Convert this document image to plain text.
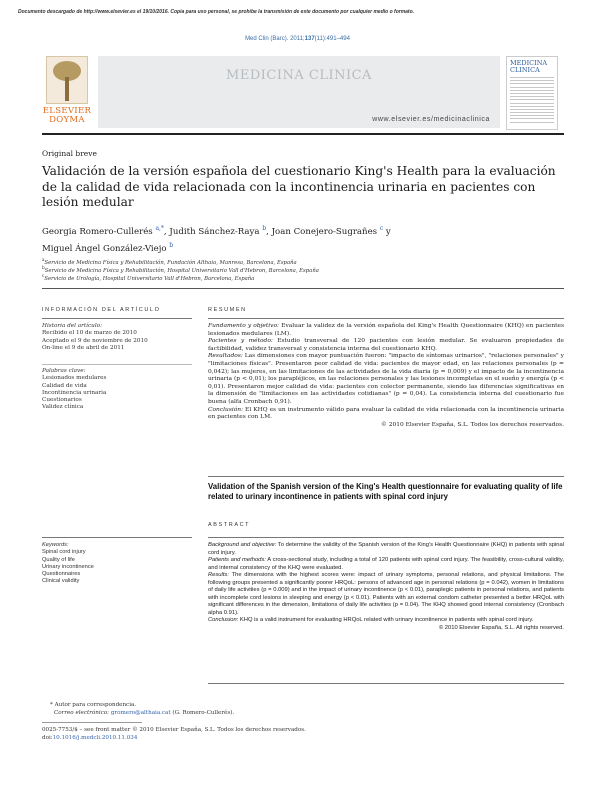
Documento descargado de http://www.elsevier.es el 19/10/2016. Copia para uso personal, se prohíbe la transmisión de este documento por cualquier medio o formato.
Med Clin (Barc). 2011;137(11):491–494
ELSEVIER
DOYMA
MEDICINA CLINICA
www.elsevier.es/medicinaclinica
MEDICINA
CLINICA
Original breve
Validación de la versión española del cuestionario King's Health para la evaluación de la calidad de vida relacionada con la incontinencia urinaria en pacientes con lesión medular
Georgia Romero-Cullerés $^{a,*}$, Judith Sánchez-Raya $^b$, Joan Conejero-Sugrañes $^c$ y
Miguel Ángel González-Viejo $^b$
$^a$Servicio de Medicina Física y Rehabilitación, Fundación Althaia, Manresa, Barcelona, España
$^b$Servicio de Medicina Física y Rehabilitación, Hospital Universitario Vall d'Hebron, Barcelona, España
$^c$Servicio de Urología, Hospital Universitario Vall d'Hebron, Barcelona, España
INFORMACIÓN DEL ARTÍCULO
Historia del artículo:
Recibido el 10 de marzo de 2010
Aceptado el 9 de noviembre de 2010
On-line el 9 de abril de 2011
Palabras clave:
Lesionados medulares
Calidad de vida
Incontinencia urinaria
Cuestionarios
Validez clínica
RESUMEN

Fundamento y objetivo: Evaluar la validez de la versión española del King's Health Questionnaire (KHQ) en pacientes lesionados medulares (LM).

Pacientes y método: Estudio transversal de 120 pacientes con lesión medular. Se evaluaron propiedades de factibilidad, validez transversal y consistencia interna del cuestionario KHQ.

Resultados: Las dimensiones con mayor puntuación fueron: "impacto de síntomas urinarios", "relaciones personales" y "limitaciones físicas". Presentaron peor calidad de vida: pacientes de mayor edad, en las relaciones personales (p = 0,042); las mujeres, en las limitaciones de las actividades de la vida diaria (p = 0,009) y el impacto de la incontinencia urinaria (p < 0,01); los parapléjicos, en las relaciones personales y las lesiones incompletas en el sueño y energía (p < 0,01). Presentaron mejor calidad de vida: pacientes con colector permanente, siendo las diferencias significativas en la dimensión de "limitaciones en las actividades cotidianas" (p = 0,04). La consistencia interna del cuestionario fue buena (alfa Cronbach 0,91).

Conclusión: El KHQ es un instrumento válido para evaluar la calidad de vida relacionada con la incontinencia urinaria en pacientes con LM.

© 2010 Elsevier España, S.L. Todos los derechos reservados.

Validation of the Spanish version of the King's Health questionnaire for evaluating quality of life related to urinary incontinence in patients with spinal cord injury
ABSTRACT
Keywords:
Spinal cord injury
Quality of life
Urinary incontinence
Questionnaires
Clinical validity

Background and objective: To determine the validity of the Spanish version of the King's Health Questionnaire (KHQ) in patients with spinal cord injury.

Patients and methods: A cross-sectional study, including a total of 120 patients with spinal cord injury. The feasibility, cross-cultural validity, and internal consistency of the KHQ were evaluated.

Results: The dimensions with the highest scores were: impact of urinary symptoms, personal relations, and physical limitations. The following groups presented a significantly poorer HRQoL: persons of advanced age in personal relations (p = 0.042), women in limitations of daily life activities (p = 0.009) and in the impact of urinary incontinence (p < 0.01), paraplegic patients in personal relations, and patients with incomplete cord lesions in sleeping and energy (p < 0.01). Patients with an external condom catheter presented a better HRQoL with significant differences in the dimension, limitations of daily life activities (p = 0.04). The KHQ showed good internal consistency (Cronbach alpha 0.91).

Conclusion: KHQ is a valid instrument for evaluating HRQoL related with urinary incontinence in patients with spinal cord injury.

© 2010 Elsevier España, S.L. All rights reserved.

* Autor para correspondencia.
Correo electrónico: gromero@althaia.cat (G. Romero-Cullerés).
0025-7753/$ – see front matter © 2010 Elsevier España, S.L. Todos los derechos reservados.
doi:10.1016/j.medcli.2010.11.034
